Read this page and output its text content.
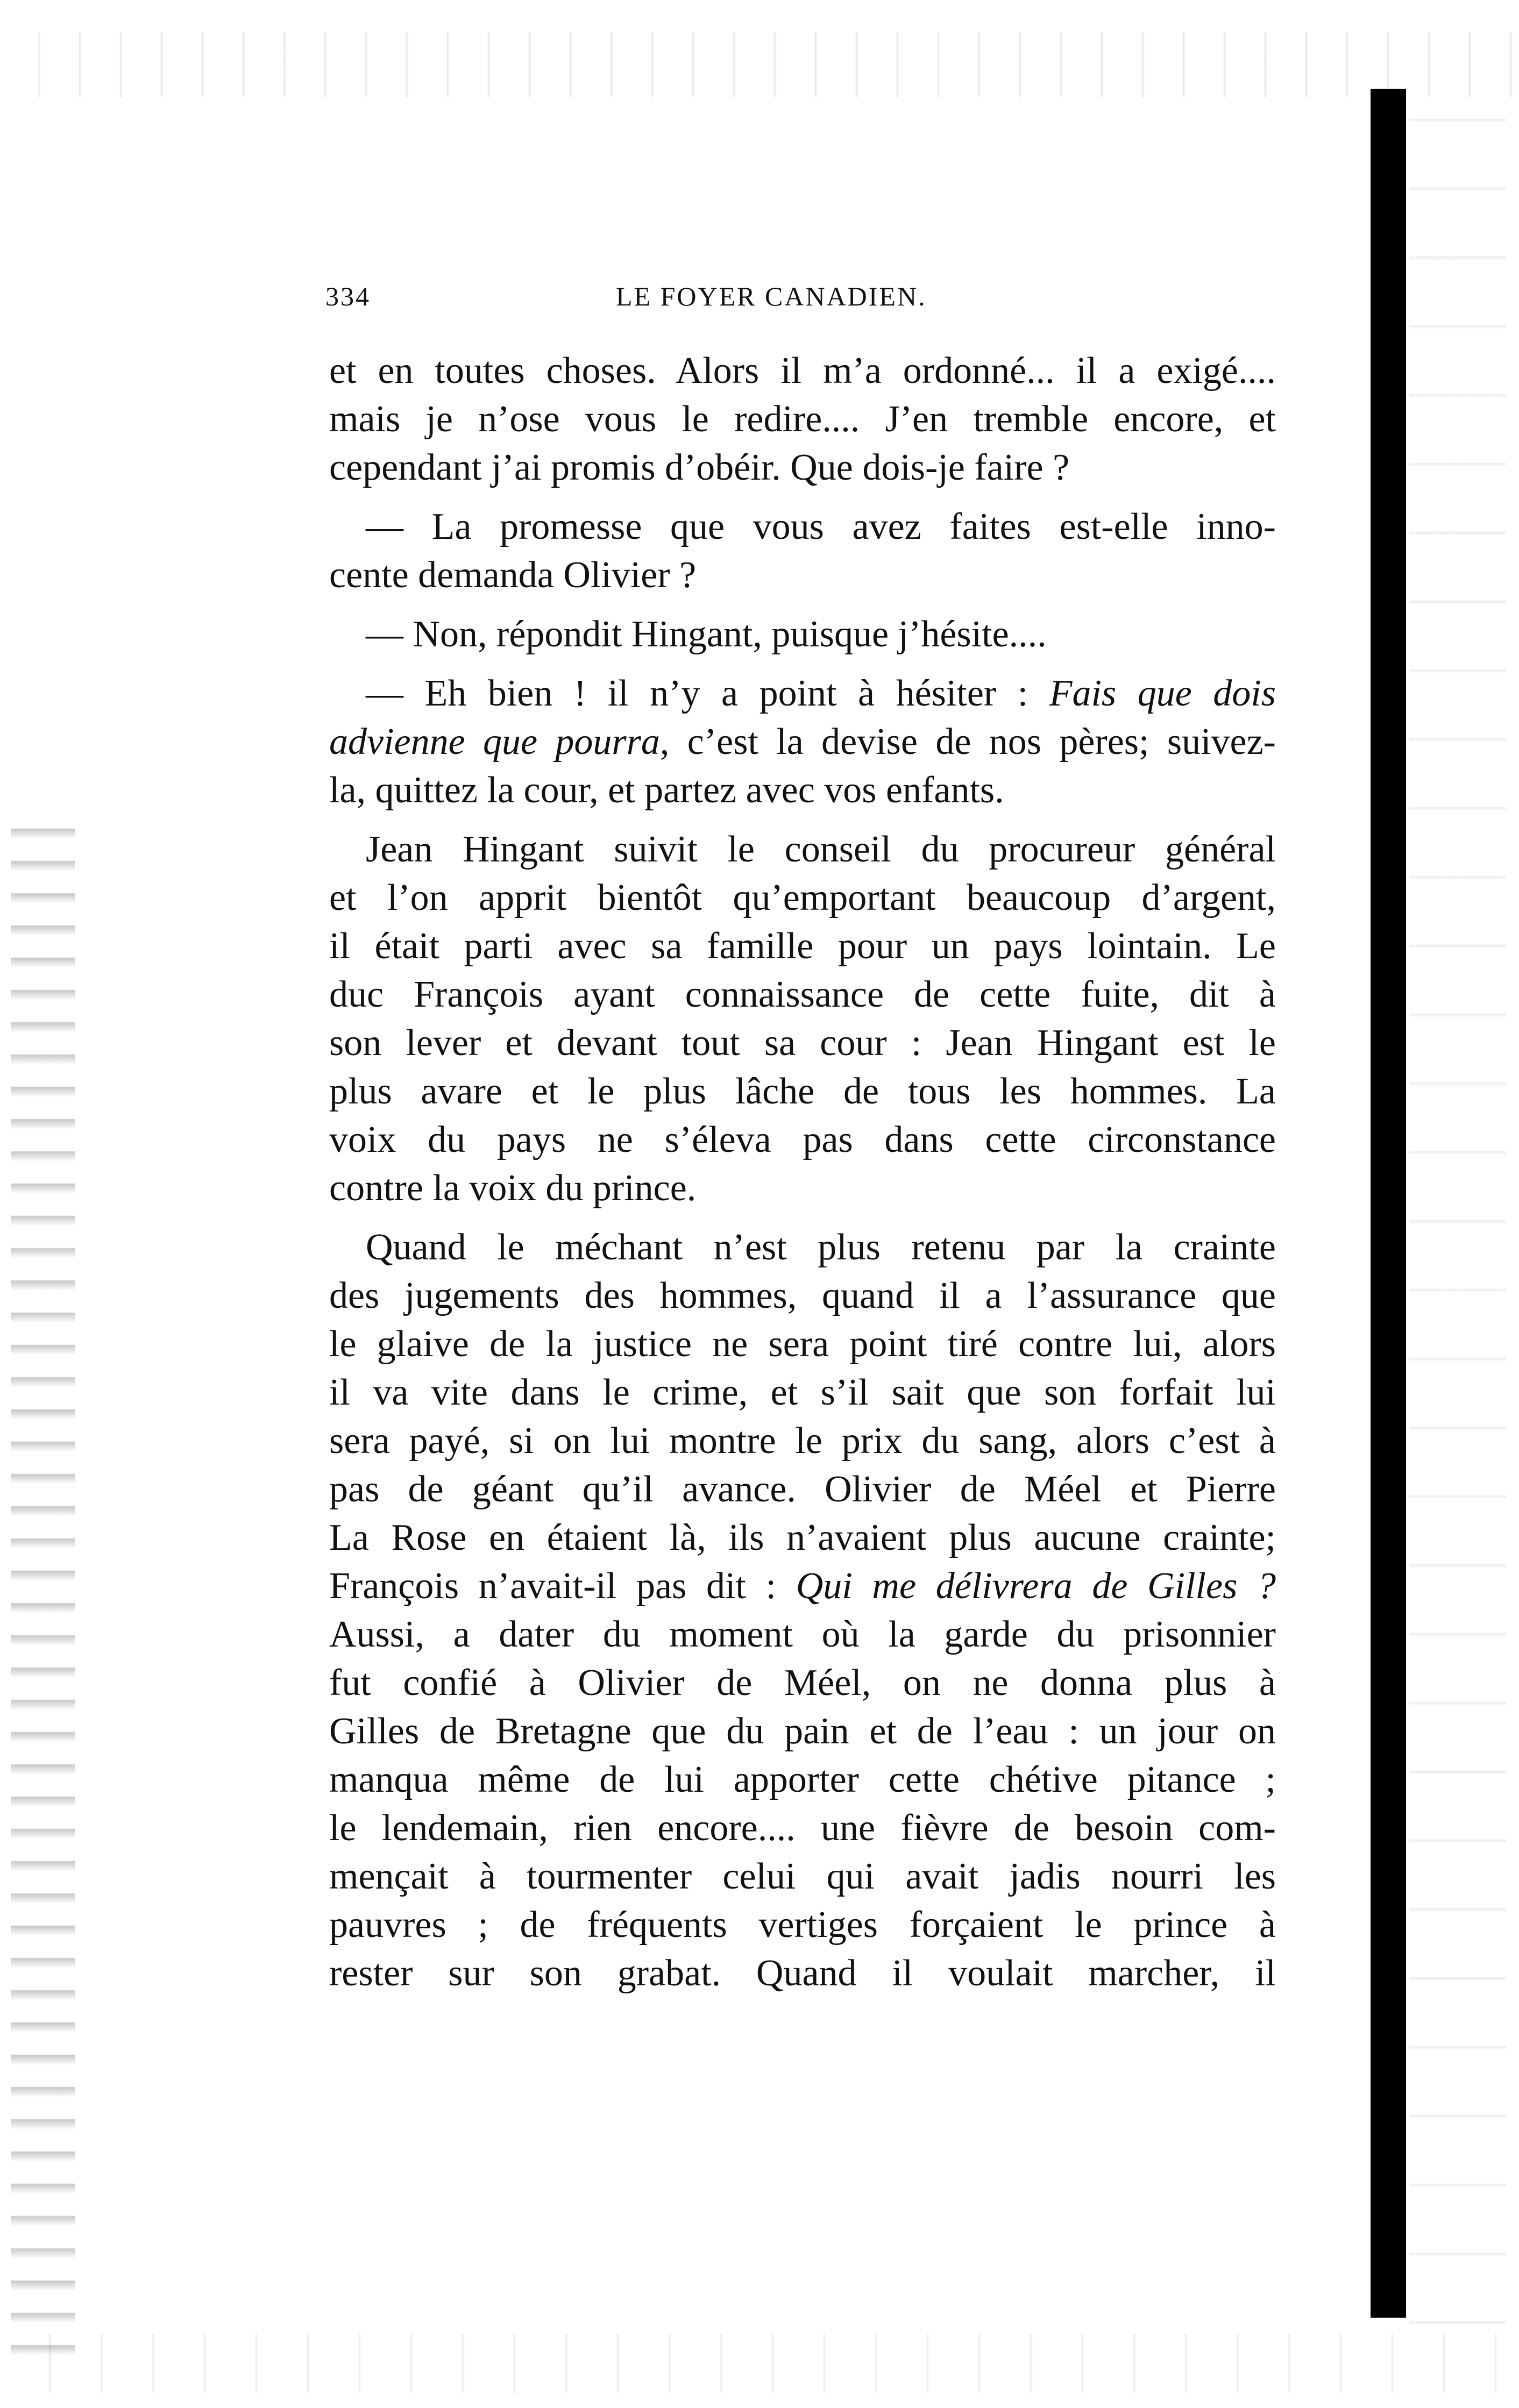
334	LE FOYER CANADIEN.
et en toutes choses. Alors il m’a ordonné... il a exigé....
mais je n’ose vous le redire.... J’en tremble encore, et
cependant j’ai promis d’obéir. Que dois-je faire ?
— La promesse que vous avez faites est-elle inno-
cente demanda Olivier ?
— Non, répondit Hingant, puisque j’hésite....
— Eh bien ! il n’y a point à hésiter : Fais que dois
advienne que pourra, c’est la devise de nos pères; suivez-
la, quittez la cour, et partez avec vos enfants.
Jean Hingant suivit le conseil du procureur général
et l’on apprit bientôt qu’emportant beaucoup d’argent,
il était parti avec sa famille pour un pays lointain. Le
duc François ayant connaissance de cette fuite, dit à
son lever et devant tout sa cour : Jean Hingant est le
plus avare et le plus lâche de tous les hommes. La
voix du pays ne s’éleva pas dans cette circonstance
contre la voix du prince.
Quand le méchant n’est plus retenu par la crainte
des jugements des hommes, quand il a l’assurance que
le glaive de la justice ne sera point tiré contre lui, alors
il va vite dans le crime, et s’il sait que son forfait lui
sera payé, si on lui montre le prix du sang, alors c’est à
pas de géant qu’il avance. Olivier de Méel et Pierre
La Rose en étaient là, ils n’avaient plus aucune crainte;
François n’avait-il pas dit : Qui me délivrera de Gilles ?
Aussi, a dater du moment où la garde du prisonnier
fut confié à Olivier de Méel, on ne donna plus à
Gilles de Bretagne que du pain et de l’eau : un jour on
manqua même de lui apporter cette chétive pitance ;
le lendemain, rien encore.... une fièvre de besoin com-
mençait à tourmenter celui qui avait jadis nourri les
pauvres ; de fréquents vertiges forçaient le prince à
rester sur son grabat. Quand il voulait marcher, il
